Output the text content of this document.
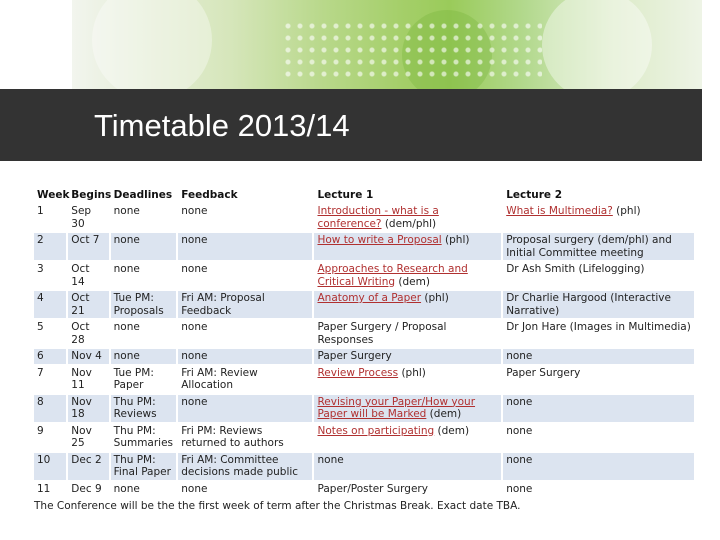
Timetable 2013/14
Week	Begins	Deadlines	Feedback	Lecture 1	Lecture 2
1	Sep 30	none	none	Introduction - what is a conference? (dem/phl)	What is Multimedia? (phl)
2	Oct 7	none	none	How to write a Proposal (phl)	Proposal surgery (dem/phl) and Initial Committee meeting
3	Oct 14	none	none	Approaches to Research and Critical Writing (dem)	Dr Ash Smith (Lifelogging)
4	Oct 21	Tue PM: Proposals	Fri AM: Proposal Feedback	Anatomy of a Paper (phl)	Dr Charlie Hargood (Interactive Narrative)
5	Oct 28	none	none	Paper Surgery / Proposal Responses	Dr Jon Hare (Images in Multimedia)
6	Nov 4	none	none	Paper Surgery	none
7	Nov 11	Tue PM: Paper	Fri AM: Review Allocation	Review Process (phl)	Paper Surgery
8	Nov 18	Thu PM: Reviews	none	Revising your Paper/How your Paper will be Marked (dem)	none
9	Nov 25	Thu PM: Summaries	Fri PM: Reviews returned to authors	Notes on participating (dem)	none
10	Dec 2	Thu PM: Final Paper	Fri AM: Committee decisions made public	none	none
11	Dec 9	none	none	Paper/Poster Surgery	none

The Conference will be the the first week of term after the Christmas Break. Exact date TBA.
